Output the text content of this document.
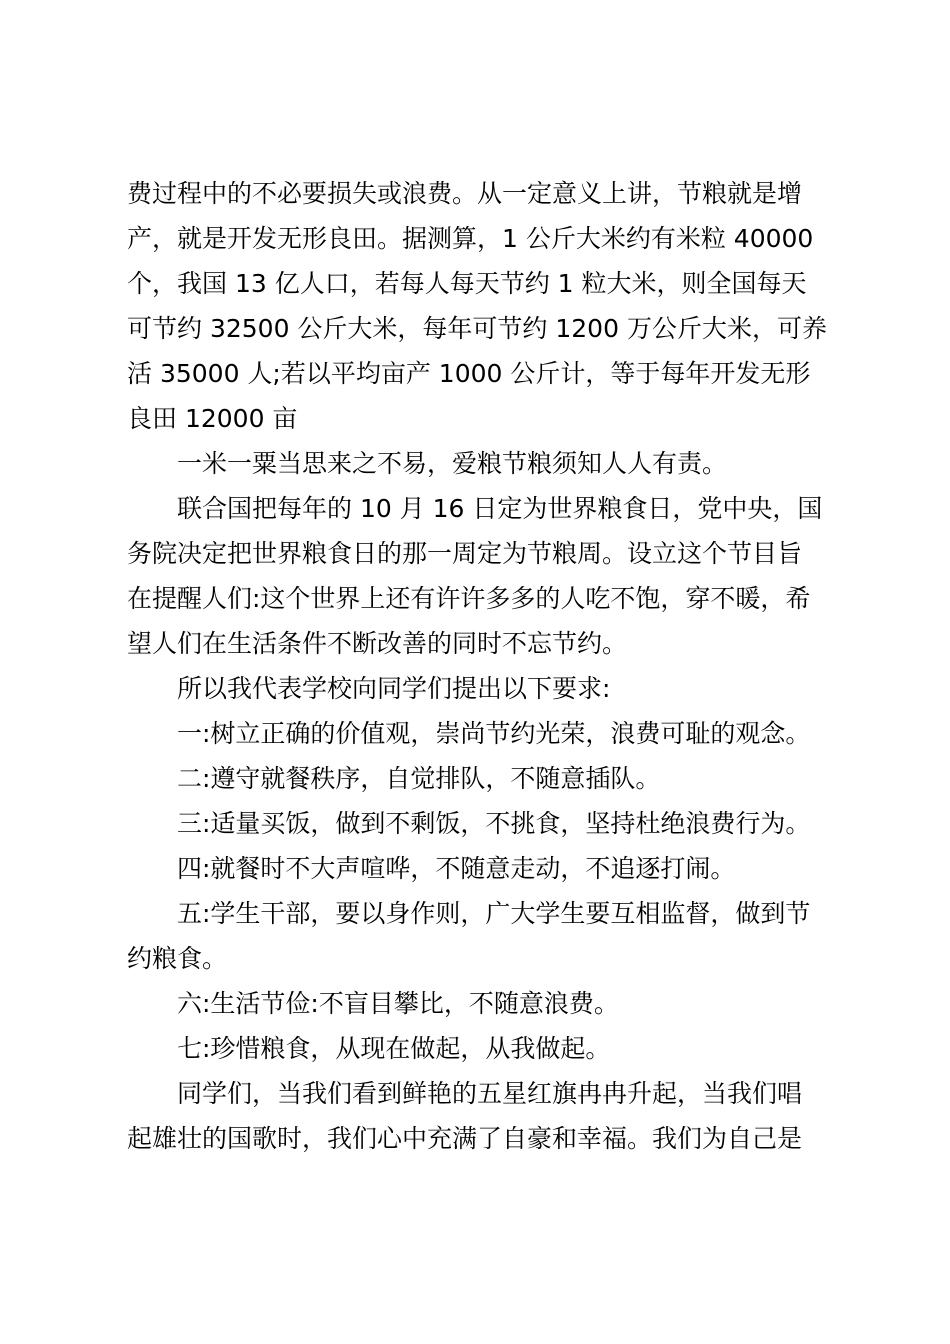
费过程中的不必要损失或浪费。从一定意义上讲，节粮就是增

产，就是开发无形良田。据测算，1 公斤大米约有米粒 40000

个，我国 13 亿人口，若每人每天节约 1 粒大米，则全国每天

可节约 32500 公斤大米，每年可节约 1200 万公斤大米，可养

活 35000 人;若以平均亩产 1000 公斤计，等于每年开发无形

良田 12000 亩

一米一粟当思来之不易，爱粮节粮须知人人有责。

联合国把每年的 10 月 16 日定为世界粮食日，党中央，国

务院决定把世界粮食日的那一周定为节粮周。设立这个节目旨

在提醒人们:这个世界上还有许许多多的人吃不饱，穿不暖，希

望人们在生活条件不断改善的同时不忘节约。

所以我代表学校向同学们提出以下要求:

一:树立正确的价值观，崇尚节约光荣，浪费可耻的观念。

二:遵守就餐秩序，自觉排队，不随意插队。

三:适量买饭，做到不剩饭，不挑食，坚持杜绝浪费行为。

四:就餐时不大声喧哗，不随意走动，不追逐打闹。

五:学生干部，要以身作则，广大学生要互相监督，做到节

约粮食。

六:生活节俭:不盲目攀比，不随意浪费。

七:珍惜粮食，从现在做起，从我做起。

同学们，当我们看到鲜艳的五星红旗冉冉升起，当我们唱

起雄壮的国歌时，我们心中充满了自豪和幸福。我们为自己是
